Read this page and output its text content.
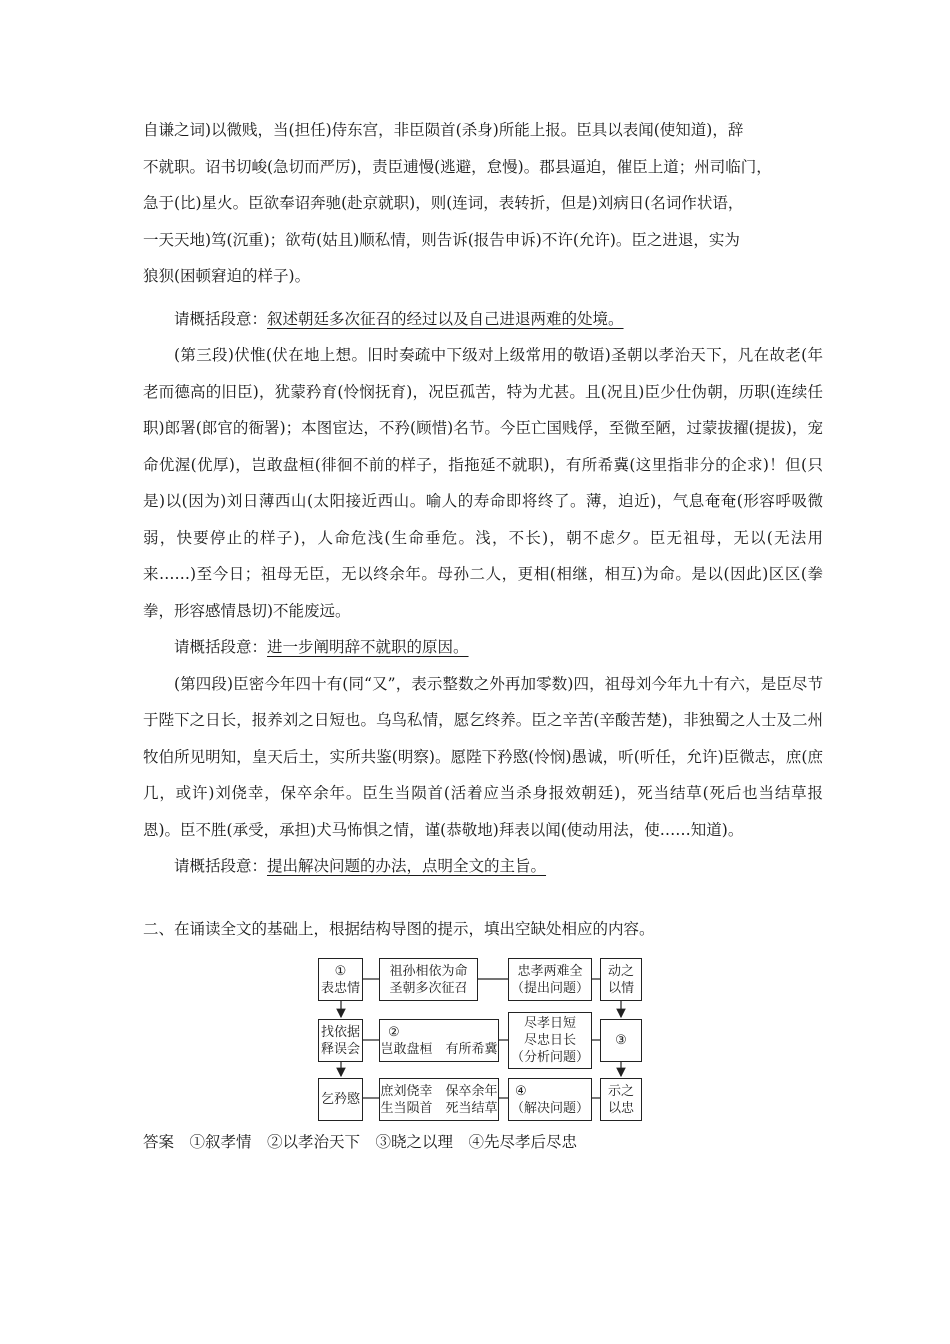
自谦之词)以微贱，当(担任)侍东宫，非臣陨首(杀身)所能上报。臣具以表闻(使知道)，辞

不就职。诏书切峻(急切而严厉)，责臣逋慢(逃避，怠慢)。郡县逼迫，催臣上道；州司临门，

急于(比)星火。臣欲奉诏奔驰(赴京就职)，则(连词，表转折，但是)刘病日(名词作状语，

一天天地)笃(沉重)；欲苟(姑且)顺私情，则告诉(报告申诉)不许(允许)。臣之进退，实为

狼狈(困顿窘迫的样子)。

请概括段意：叙述朝廷多次征召的经过以及自己进退两难的处境。

(第三段)伏惟(伏在地上想。旧时奏疏中下级对上级常用的敬语)圣朝以孝治天下，凡在故老(年老而德高的旧臣)，犹蒙矜育(怜悯抚育)，况臣孤苦，特为尤甚。且(况且)臣少仕伪朝，历职(连续任职)郎署(郎官的衙署)；本图宦达，不矜(顾惜)名节。今臣亡国贱俘，至微至陋，过蒙拔擢(提拔)，宠命优渥(优厚)，岂敢盘桓(徘徊不前的样子，指拖延不就职)，有所希冀(这里指非分的企求)！但(只是)以(因为)刘日薄西山(太阳接近西山。喻人的寿命即将终了。薄，迫近)，气息奄奄(形容呼吸微弱，快要停止的样子)，人命危浅(生命垂危。浅，不长)，朝不虑夕。臣无祖母，无以(无法用来……)至今日；祖母无臣，无以终余年。母孙二人，更相(相继，相互)为命。是以(因此)区区(拳拳，形容感情恳切)不能废远。

请概括段意：进一步阐明辞不就职的原因。

(第四段)臣密今年四十有(同“又”，表示整数之外再加零数)四，祖母刘今年九十有六，是臣尽节于陛下之日长，报养刘之日短也。乌鸟私情，愿乞终养。臣之辛苦(辛酸苦楚)，非独蜀之人士及二州牧伯所见明知，皇天后土，实所共鉴(明察)。愿陛下矜愍(怜悯)愚诚，听(听任，允许)臣微志，庶(庶几，或许)刘侥幸，保卒余年。臣生当陨首(活着应当杀身报效朝廷)，死当结草(死后也当结草报恩)。臣不胜(承受，承担)犬马怖惧之情，谨(恭敬地)拜表以闻(使动用法，使……知道)。

请概括段意：提出解决问题的办法，点明全文的主旨。

二、在诵读全文的基础上，根据结构导图的提示，填出空缺处相应的内容。

①
表忠情
祖孙相依为命
圣朝多次征召
忠孝两难全
（提出问题）
动之
以情
找依据
释误会
②
岂敢盘桓　有所希冀
尽孝日短
尽忠日长
（分析问题）
③
乞矜愍
庶刘侥幸　保卒余年
生当陨首　死当结草
④
（解决问题）
示之
以忠
答案　①叙孝情　②以孝治天下　③晓之以理　④先尽孝后尽忠
